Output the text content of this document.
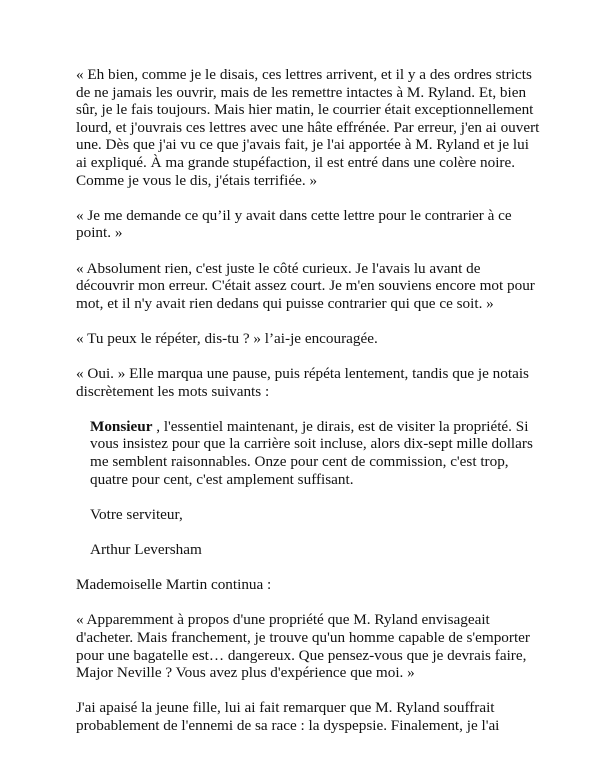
« Eh bien, comme je le disais, ces lettres arrivent, et il y a des ordres stricts de ne jamais les ouvrir, mais de les remettre intactes à M. Ryland. Et, bien sûr, je le fais toujours. Mais hier matin, le courrier était exceptionnellement lourd, et j'ouvrais ces lettres avec une hâte effrénée. Par erreur, j'en ai ouvert une. Dès que j'ai vu ce que j'avais fait, je l'ai apportée à M. Ryland et je lui ai expliqué. À ma grande stupéfaction, il est entré dans une colère noire. Comme je vous le dis, j'étais terrifiée. »

« Je me demande ce qu’il y avait dans cette lettre pour le contrarier à ce point. »

« Absolument rien, c'est juste le côté curieux. Je l'avais lu avant de découvrir mon erreur. C'était assez court. Je m'en souviens encore mot pour mot, et il n'y avait rien dedans qui puisse contrarier qui que ce soit. »

« Tu peux le répéter, dis-tu ? » l’ai-je encouragée.

« Oui. » Elle marqua une pause, puis répéta lentement, tandis que je notais discrètement les mots suivants :

Monsieur , l'essentiel maintenant, je dirais, est de visiter la propriété. Si vous insistez pour que la carrière soit incluse, alors dix-sept mille dollars me semblent raisonnables. Onze pour cent de commission, c'est trop, quatre pour cent, c'est amplement suffisant.

Votre serviteur,

Arthur Leversham

Mademoiselle Martin continua :

« Apparemment à propos d'une propriété que M. Ryland envisageait d'acheter. Mais franchement, je trouve qu'un homme capable de s'emporter pour une bagatelle est… dangereux. Que pensez-vous que je devrais faire, Major Neville ? Vous avez plus d'expérience que moi. »

J'ai apaisé la jeune fille, lui ai fait remarquer que M. Ryland souffrait probablement de l'ennemi de sa race : la dyspepsie. Finalement, je l'ai
